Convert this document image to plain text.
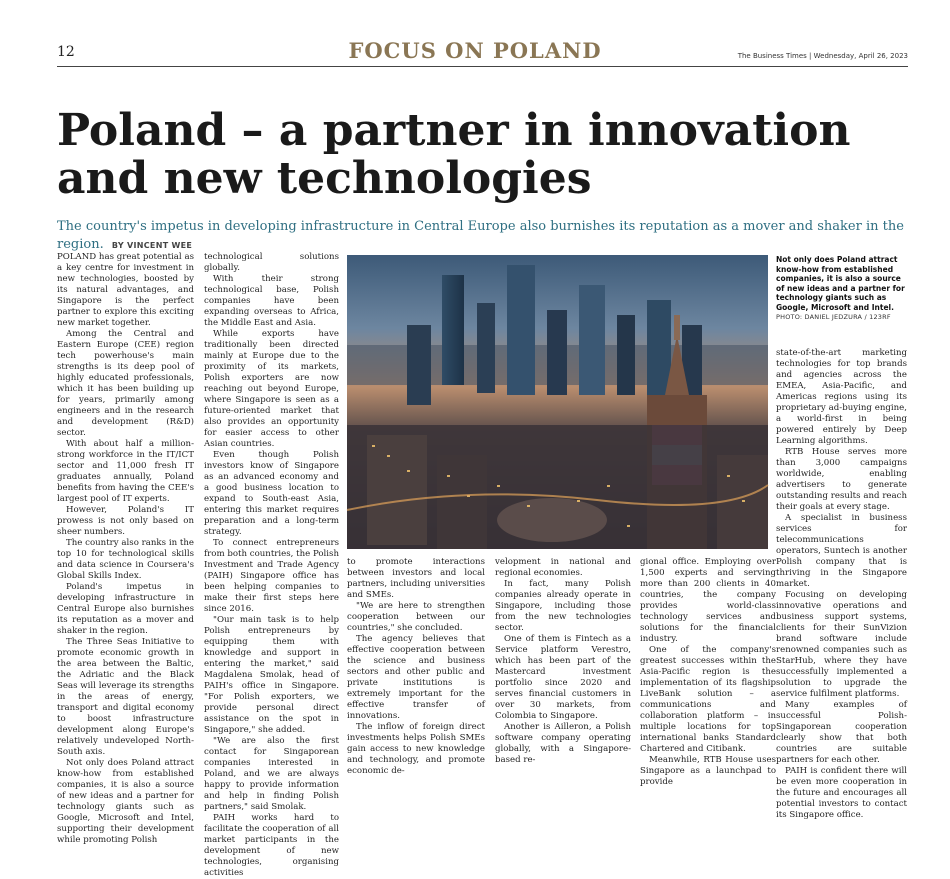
12	FOCUS ON POLAND	The Business Times | Wednesday, April 26, 2023
Poland – a partner in innovation
and new technologies
The country's impetus in developing infrastructure in Central Europe also burnishes its reputation as a mover and shaker in the region. BY VINCENT WEE

POLAND has great potential as a key centre for investment in new technologies, boosted by its natural advantages, and Singapore is the perfect partner to explore this exciting new market together.

Among the Central and Eastern Europe (CEE) region tech powerhouse's main strengths is its deep pool of highly educated professionals, which it has been building up for years, primarily among engineers and in the research and development (R&D) sector.

With about half a million-strong workforce in the IT/ICT sector and 11,000 fresh IT graduates annually, Poland benefits from having the CEE's largest pool of IT experts.

However, Poland's IT prowess is not only based on sheer numbers.

The country also ranks in the top 10 for technological skills and data science in Coursera's Global Skills Index.

Poland's impetus in developing infrastructure in Central Europe also burnishes its reputation as a mover and shaker in the region.

The Three Seas Initiative to promote economic growth in the area between the Baltic, the Adriatic and the Black Seas will leverage its strengths in the areas of energy, transport and digital economy to boost infrastructure development along Europe's relatively undeveloped North-South axis.

Not only does Poland attract know-how from established companies, it is also a source of new ideas and a partner for technology giants such as Google, Microsoft and Intel, supporting their development while promoting Polish

technological solutions globally.

With their strong technological base, Polish companies have been expanding overseas to Africa, the Middle East and Asia.

While exports have traditionally been directed mainly at Europe due to the proximity of its markets, Polish exporters are now reaching out beyond Europe, where Singapore is seen as a future-oriented market that also provides an opportunity for easier access to other Asian countries.

Even though Polish investors know of Singapore as an advanced economy and a good business location to expand to South-east Asia, entering this market requires preparation and a long-term strategy.

To connect entrepreneurs from both countries, the Polish Investment and Trade Agency (PAIH) Singapore office has been helping companies to make their first steps here since 2016.

"Our main task is to help Polish entrepreneurs by equipping them with knowledge and support in entering the market," said Magdalena Smolak, head of PAIH's office in Singapore. "For Polish exporters, we provide personal direct assistance on the spot in Singapore," she added.

"We are also the first contact for Singaporean companies interested in Poland, and we are always happy to provide information and help in finding Polish partners," said Smolak.

PAIH works hard to facilitate the cooperation of all market participants in the development of new technologies, organising activities

Not only does Poland attract know-how from established companies, it is also a source of new ideas and a partner for technology giants such as Google, Microsoft and Intel.
PHOTO: DANIEL JEDZURA / 123RF

to promote interactions between investors and local partners, including universities and SMEs.

"We are here to strengthen cooperation between our countries," she concluded.

The agency believes that effective cooperation between the science and business sectors and other public and private institutions is extremely important for the effective transfer of innovations.

The inflow of foreign direct investments helps Polish SMEs gain access to new knowledge and technology, and promote economic de-

velopment in national and regional economies.

In fact, many Polish companies already operate in Singapore, including those from the new technologies sector.

One of them is Fintech as a Service platform Verestro, which has been part of the Mastercard investment portfolio since 2020 and serves financial customers in over 30 markets, from Colombia to Singapore.

Another is Ailleron, a Polish software company operating globally, with a Singapore-based re-

gional office. Employing over 1,500 experts and serving more than 200 clients in 40 countries, the company provides world-class technology services and solutions for the financial industry.

One of the company's greatest successes within the Asia-Pacific region is the implementation of its flagship LiveBank solution – a communications and collaboration platform – in multiple locations for top international banks Standard Chartered and Citibank.

Meanwhile, RTB House uses Singapore as a launchpad to provide

state-of-the-art marketing technologies for top brands and agencies across the EMEA, Asia-Pacific, and Americas regions using its proprietary ad-buying engine, a world-first in being powered entirely by Deep Learning algorithms.

RTB House serves more than 3,000 campaigns worldwide, enabling advertisers to generate outstanding results and reach their goals at every stage.

A specialist in business services for telecommunications operators, Suntech is another Polish company that is thriving in the Singapore market.

Focusing on developing innovative operations and business support systems, clients for their SunVizion brand software include renowned companies such as StarHub, where they have successfully implemented a solution to upgrade the service fulfilment platforms.

Many examples of successful Polish-Singaporean cooperation clearly show that both countries are suitable partners for each other.

PAIH is confident there will be even more cooperation in the future and encourages all potential investors to contact its Singapore office.
